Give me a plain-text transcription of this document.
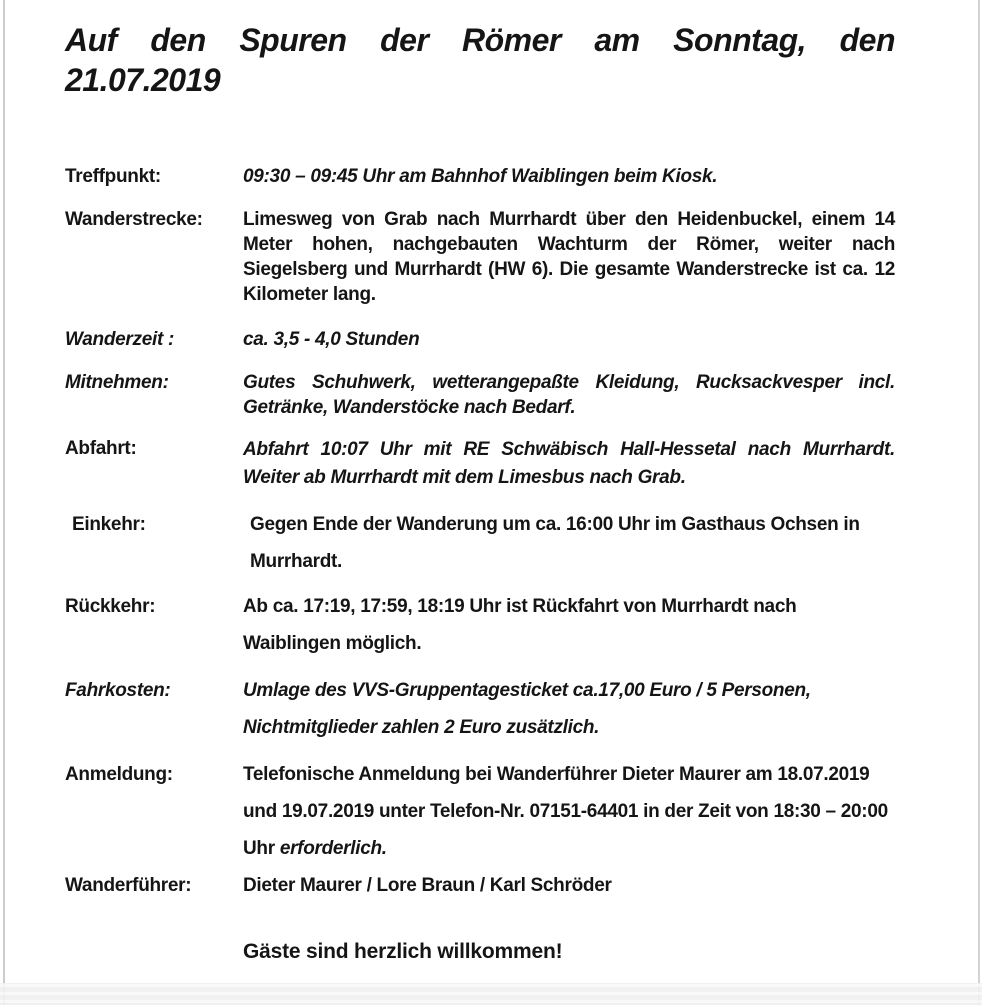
Auf den Spuren der Römer am Sonntag, den
21.07.2019
Treffpunkt:	09:30 – 09:45 Uhr am Bahnhof Waiblingen beim Kiosk.
Wanderstrecke:	Limesweg von Grab nach Murrhardt über den Heidenbuckel, einem 14 Meter hohen, nachgebauten Wachturm der Römer, weiter nach Siegelsberg und Murrhardt (HW 6). Die gesamte Wanderstrecke ist ca. 12 Kilometer lang.
Wanderzeit :	ca. 3,5 - 4,0 Stunden
Mitnehmen:	Gutes Schuhwerk, wetterangepaßte Kleidung, Rucksackvesper incl. Getränke, Wanderstöcke nach Bedarf.
Abfahrt:	Abfahrt 10:07 Uhr mit RE Schwäbisch Hall-Hessetal nach Murrhardt. Weiter ab Murrhardt mit dem Limesbus nach Grab.
Einkehr:	Gegen Ende der Wanderung um ca. 16:00 Uhr im Gasthaus Ochsen in Murrhardt.
Rückkehr:	Ab ca. 17:19, 17:59, 18:19 Uhr ist Rückfahrt von Murrhardt nach Waiblingen möglich.
Fahrkosten:	Umlage des VVS-Gruppentagesticket ca.17,00 Euro / 5 Personen, Nichtmitglieder zahlen 2 Euro zusätzlich.
Anmeldung:	Telefonische Anmeldung bei Wanderführer Dieter Maurer am 18.07.2019 und 19.07.2019 unter Telefon-Nr. 07151-64401 in der Zeit von 18:30 – 20:00 Uhr erforderlich.
Wanderführer:	Dieter Maurer / Lore Braun / Karl Schröder
Gäste sind herzlich willkommen!
